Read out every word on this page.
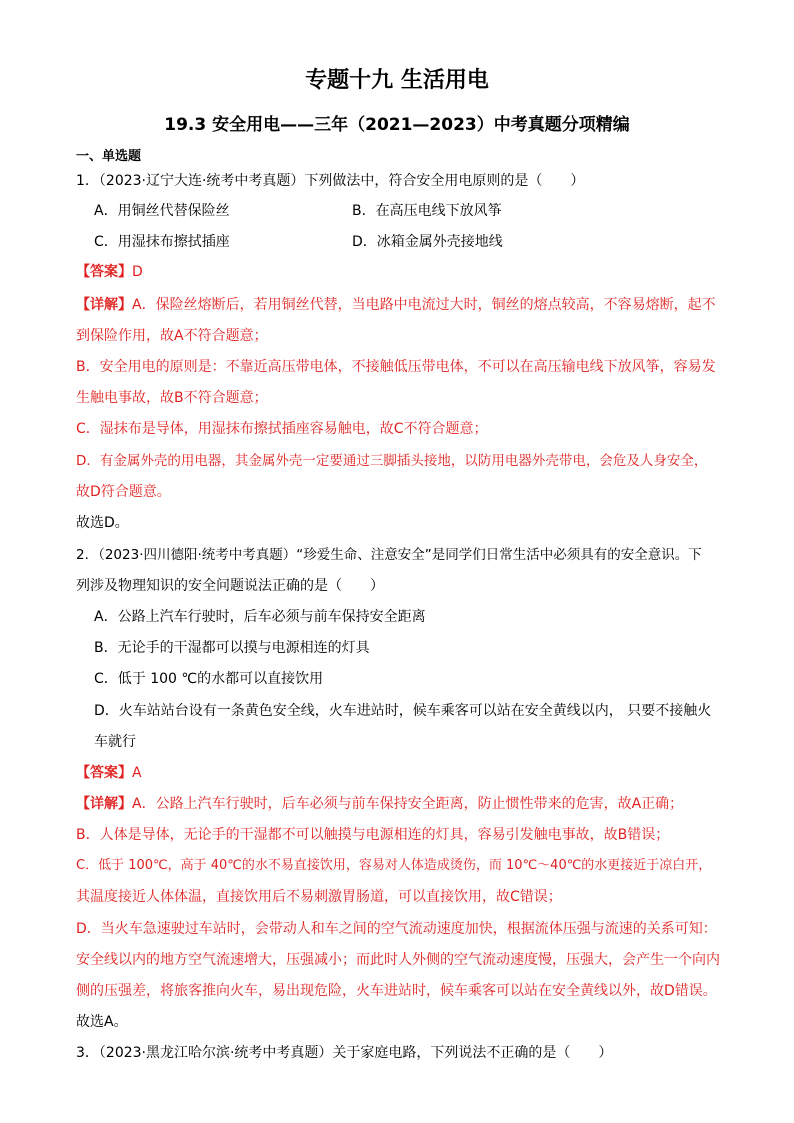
专题十九 生活用电
19.3 安全用电——三年（2021—2023）中考真题分项精编
一、单选题
1．（2023·辽宁大连·统考中考真题）下列做法中，符合安全用电原则的是（　　）
A．用铜丝代替保险丝	B．在高压电线下放风筝
C．用湿抹布擦拭插座	D．冰箱金属外壳接地线
【答案】D
【详解】A．保险丝熔断后，若用铜丝代替，当电路中电流过大时，铜丝的熔点较高，不容易熔断，起不
到保险作用，故A不符合题意；
B．安全用电的原则是：不靠近高压带电体，不接触低压带电体，不可以在高压输电线下放风筝，容易发
生触电事故，故B不符合题意；
C．湿抹布是导体，用湿抹布擦拭插座容易触电，故C不符合题意；
D．有金属外壳的用电器，其金属外壳一定要通过三脚插头接地，以防用电器外壳带电，会危及人身安全，
故D符合题意。
故选D。
2．（2023·四川德阳·统考中考真题）“珍爱生命、注意安全”是同学们日常生活中必须具有的安全意识。下
列涉及物理知识的安全问题说法正确的是（　　）
A．公路上汽车行驶时，后车必须与前车保持安全距离
B．无论手的干湿都可以摸与电源相连的灯具
C．低于 100 ℃的水都可以直接饮用
D．火车站站台设有一条黄色安全线，火车进站时，候车乘客可以站在安全黄线以内， 只要不接触火
车就行
【答案】A
【详解】A．公路上汽车行驶时，后车必须与前车保持安全距离，防止惯性带来的危害，故A正确；
B．人体是导体，无论手的干湿都不可以触摸与电源相连的灯具，容易引发触电事故，故B错误；
C．低于 100℃，高于 40℃的水不易直接饮用，容易对人体造成烫伤，而 10℃～40℃的水更接近于凉白开，
其温度接近人体体温，直接饮用后不易刺激胃肠道，可以直接饮用，故C错误；
D．当火车急速驶过车站时，会带动人和车之间的空气流动速度加快，根据流体压强与流速的关系可知：
安全线以内的地方空气流速增大，压强减小；而此时人外侧的空气流动速度慢，压强大，会产生一个向内
侧的压强差，将旅客推向火车，易出现危险，火车进站时，候车乘客可以站在安全黄线以外，故D错误。
故选A。
3．（2023·黑龙江哈尔滨·统考中考真题）关于家庭电路，下列说法不正确的是（　　）
